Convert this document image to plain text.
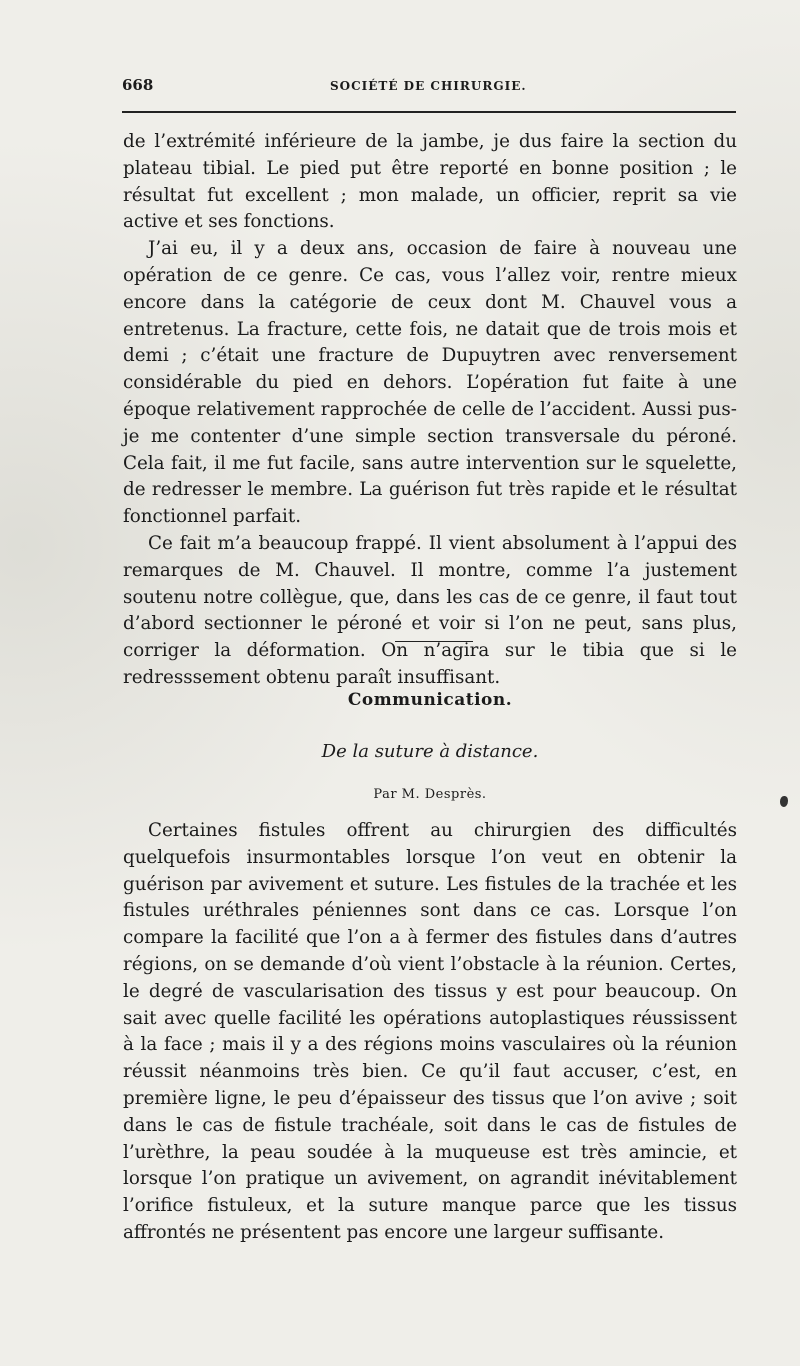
668	SOCIÉTÉ DE CHIRURGIE.

de l’extrémité inférieure de la jambe, je dus faire la section du plateau tibial. Le pied put être reporté en bonne position ; le résultat fut excellent ; mon malade, un officier, reprit sa vie active et ses fonctions.

J’ai eu, il y a deux ans, occasion de faire à nouveau une opération de ce genre. Ce cas, vous l’allez voir, rentre mieux encore dans la catégorie de ceux dont M. Chauvel vous a entretenus. La fracture, cette fois, ne datait que de trois mois et demi ; c’était une fracture de Dupuytren avec renversement considérable du pied en dehors. L’opération fut faite à une époque relativement rapprochée de celle de l’accident. Aussi pus-je me contenter d’une simple section transversale du péroné. Cela fait, il me fut facile, sans autre intervention sur le squelette, de redresser le membre. La guérison fut très rapide et le résultat fonctionnel parfait.

Ce fait m’a beaucoup frappé. Il vient absolument à l’appui des remarques de M. Chauvel. Il montre, comme l’a justement soutenu notre collègue, que, dans les cas de ce genre, il faut tout d’abord sectionner le péroné et voir si l’on ne peut, sans plus, corriger la déformation. On n’agira sur le tibia que si le redresssement obtenu paraît insuffisant.

Communication.
De la suture à distance.
Par M. Desprès.

Certaines fistules offrent au chirurgien des difficultés quelquefois insurmontables lorsque l’on veut en obtenir la guérison par avivement et suture. Les fistules de la trachée et les fistules uréthrales péniennes sont dans ce cas. Lorsque l’on compare la facilité que l’on a à fermer des fistules dans d’autres régions, on se demande d’où vient l’obstacle à la réunion. Certes, le degré de vascularisation des tissus y est pour beaucoup. On sait avec quelle facilité les opérations autoplastiques réussissent à la face ; mais il y a des régions moins vasculaires où la réunion réussit néanmoins très bien. Ce qu’il faut accuser, c’est, en première ligne, le peu d’épaisseur des tissus que l’on avive ; soit dans le cas de fistule trachéale, soit dans le cas de fistules de l’urèthre, la peau soudée à la muqueuse est très amincie, et lorsque l’on pratique un avivement, on agrandit inévitablement l’orifice fistuleux, et la suture manque parce que les tissus affrontés ne présentent pas encore une largeur suffisante.
